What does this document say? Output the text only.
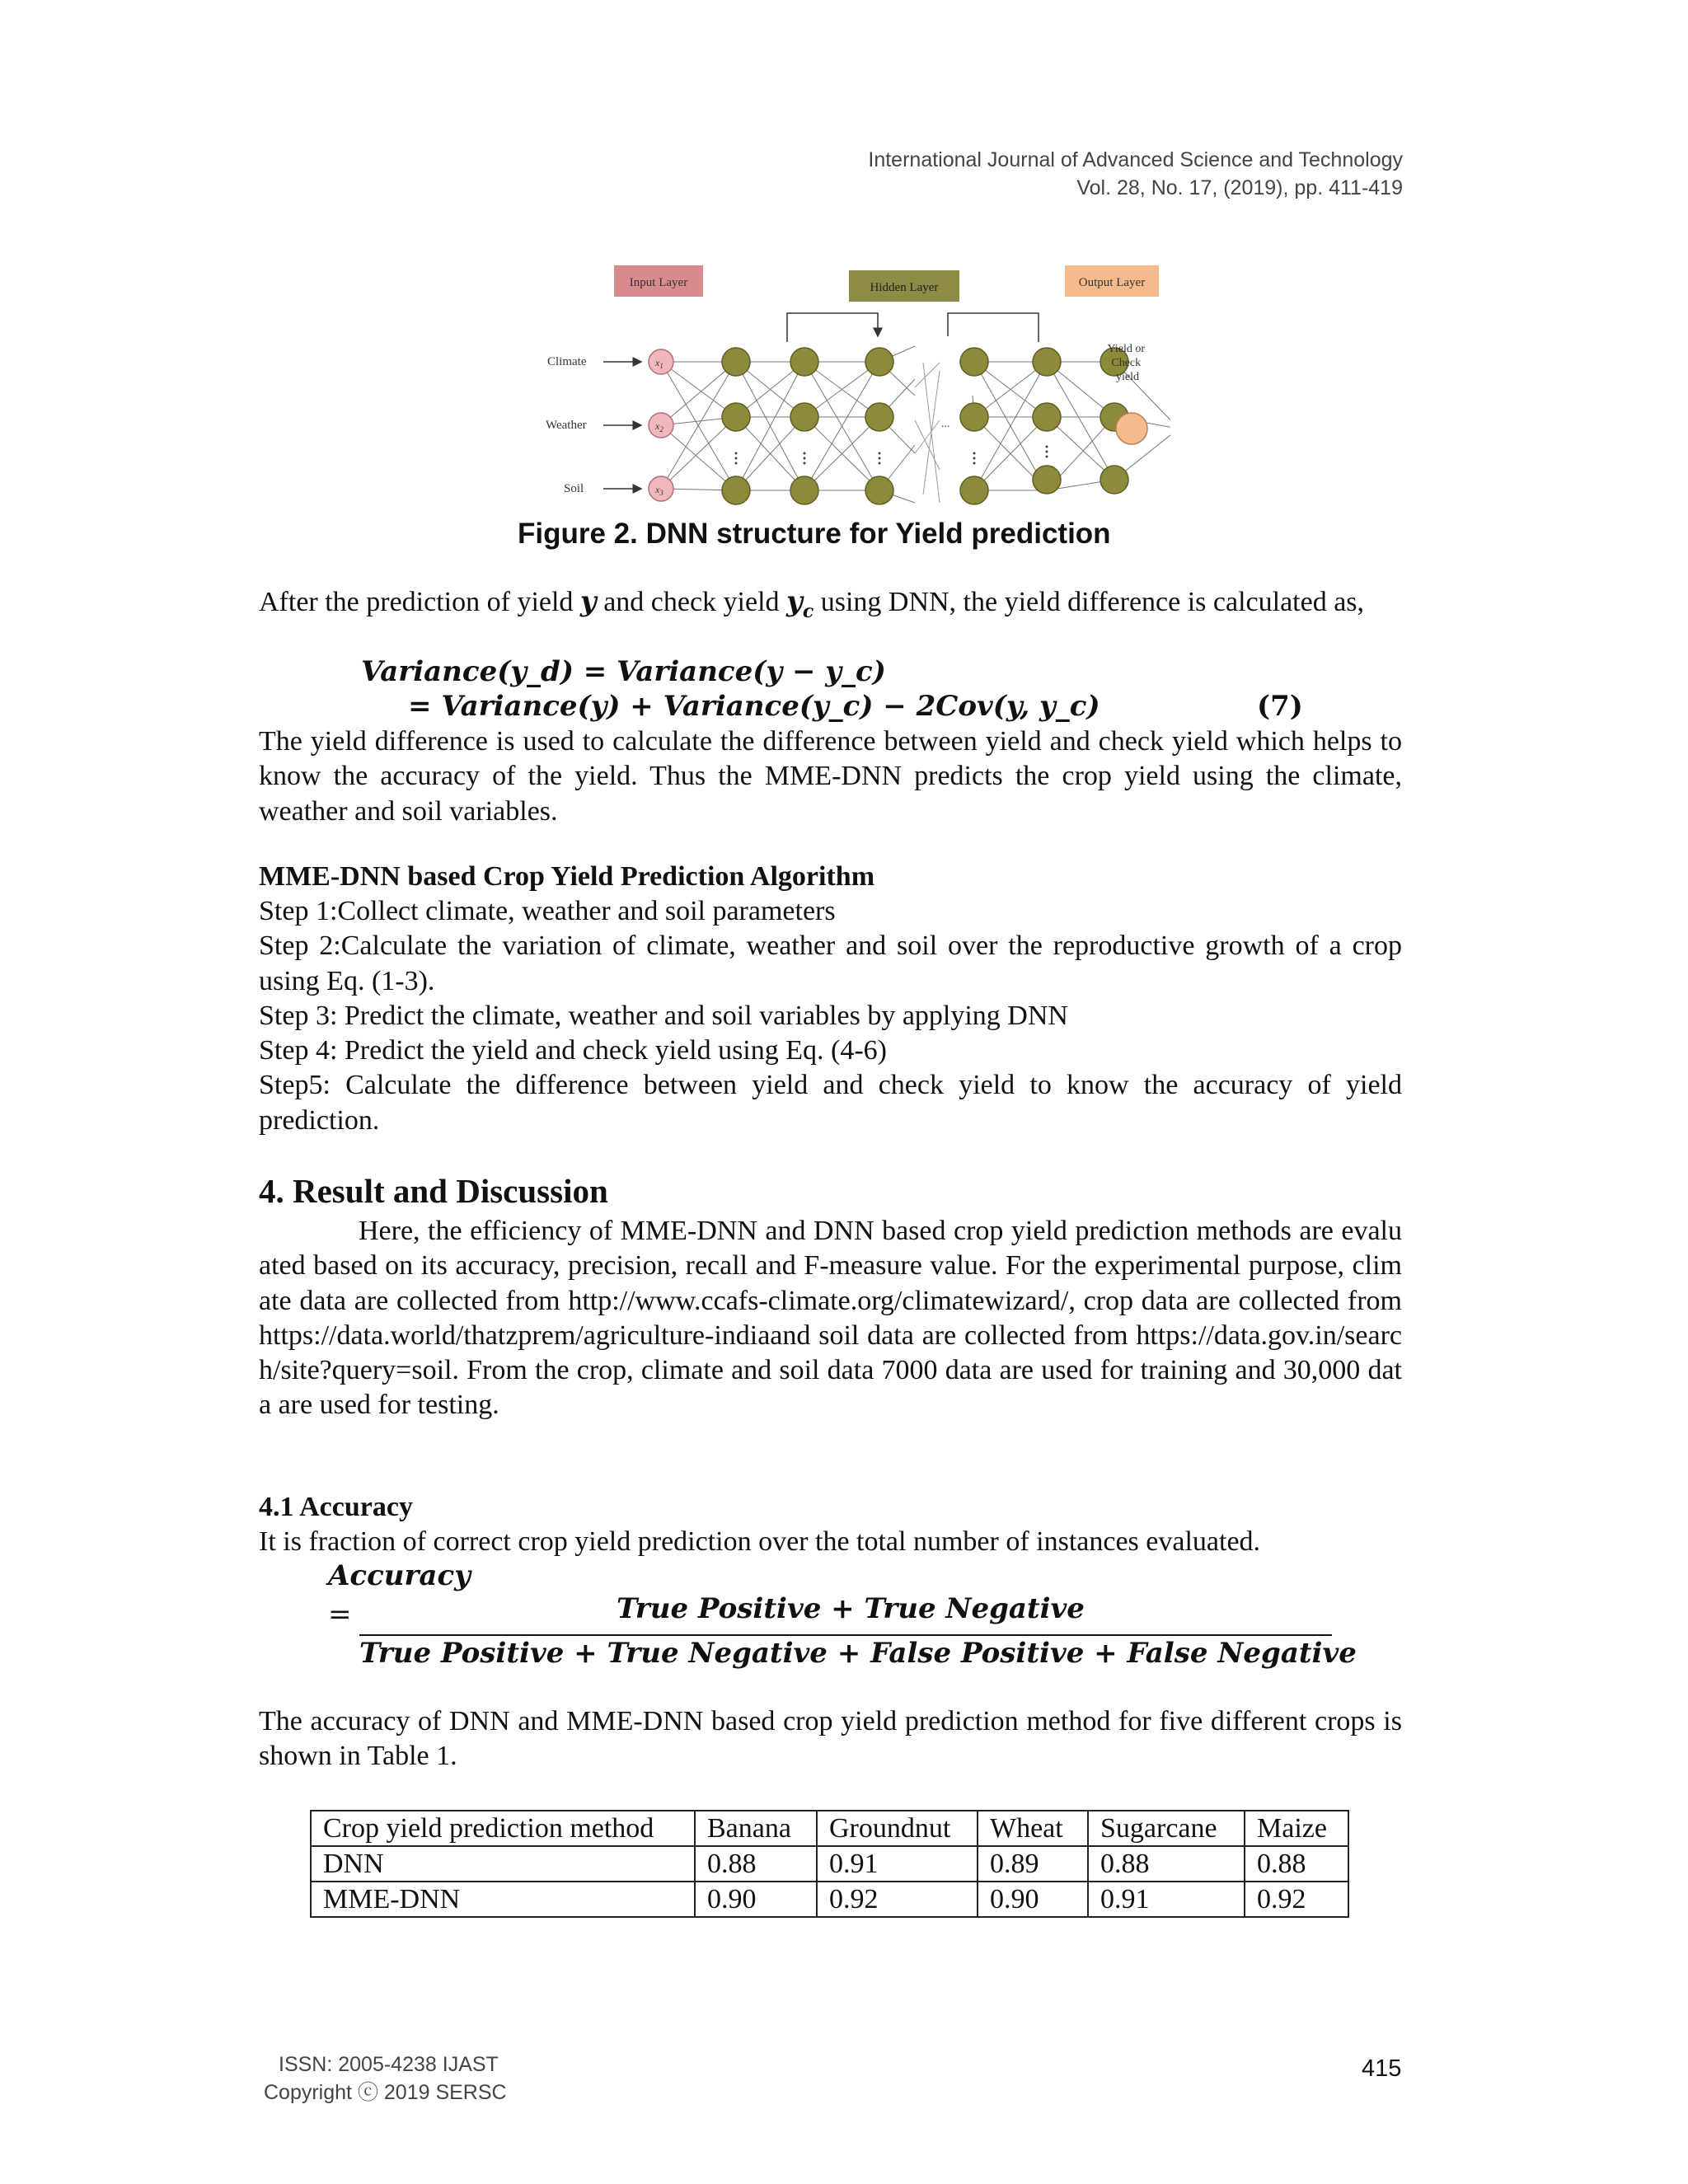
International Journal of Advanced Science and Technology
Vol. 28, No. 17, (2019), pp. 411-419
Input Layer	Hidden Layer	Output Layer
Climate
Weather
Soil
$x_1$
$x_2$
$x_3$
...
Yield or Check yield
Figure 2. DNN structure for Yield prediction
After the prediction of yield y and check yield $y_c$ using DNN, the yield difference is calculated as,
Variance(y_d) = Variance(y − y_c)
= Variance(y) + Variance(y_c) − 2Cov(y, y_c)	(7)
The yield difference is used to calculate the difference between yield and check yield which helps to know the accuracy of the yield. Thus the MME-DNN predicts the crop yield using the climate, weather and soil variables.
MME-DNN based Crop Yield Prediction Algorithm
Step 1:Collect climate, weather and soil parameters
Step 2:Calculate the variation of climate, weather and soil over the reproductive growth of a crop using Eq. (1-3).
Step 3: Predict the climate, weather and soil variables by applying DNN
Step 4: Predict the yield and check yield using Eq. (4-6)
Step5: Calculate the difference between yield and check yield to know the accuracy of yield prediction.
4. Result and Discussion
Here, the efficiency of MME-DNN and DNN based crop yield prediction methods are evaluated based on its accuracy, precision, recall and F-measure value. For the experimental purpose, climate data are collected from http://www.ccafs-climate.org/climatewizard/, crop data are collected from https://data.world/thatzprem/agriculture-indiaand soil data are collected from https://data.gov.in/search/site?query=soil. From the crop, climate and soil data 7000 data are used for training and 30,000 data are used for testing.
4.1 Accuracy
It is fraction of correct crop yield prediction over the total number of instances evaluated.
Accuracy
=	True Positive + True Negative
True Positive + True Negative + False Positive + False Negative
The accuracy of DNN and MME-DNN based crop yield prediction method for five different crops is shown in Table 1.
Crop yield prediction method	Banana	Groundnut	Wheat	Sugarcane	Maize
DNN	0.88	0.91	0.89	0.88	0.88
MME-DNN	0.90	0.92	0.90	0.91	0.92
ISSN: 2005-4238 IJAST
Copyright ⓒ 2019 SERSC
415
